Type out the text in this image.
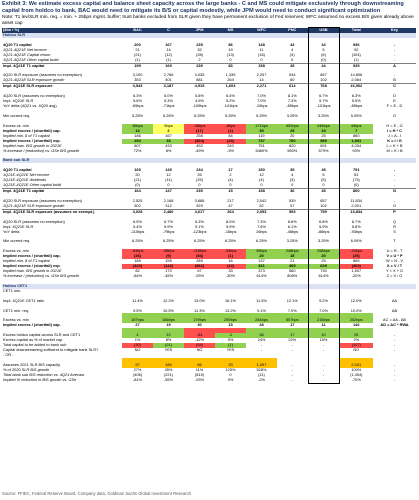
Exhibit 3: We estimate excess capital and balance sheet capacity across the large banks - C and MS could mitigate exclusively through downstreaming capital from holdco to bank, BAC would need to mitigate its B/S or capital modestly, while JPM would need to conduct significant optimization
Note: T1 lev/SLR min. req. = min. + 25bps mgmt. buffer; trust banks excluded from SLR given they have permanent exclusion of Fed reserves; WFC assumed no excess B/S given already above asset cap
($bn / %)	BAC	C	JPM	MS	WFC	PNC	USB	Total	Key
Holdco SLR									

4Q20 T1 capital	200	167	235	86	148	43	44	936	-
1Q21-4Q21E Net income	21	14	32	19	11	4	5	92	-
1Q21-4Q21E Capital return	(21)	(12)	(28)	(13)	(16)	(4)	(6)	(104)	-
1Q21-4Q21E Other capital build	(1)	(1)	2	0	0	0	(0)	(1)	-
Impl. 4Q21E T1 capital	199	169	239	83	158	45	44	935	A

4Q20 SLR exposure (assumes no exemption)	3,190	2,786	4,035	1,339	2,257	534	667	14,806	-
1Q21-4Q21E SLR exposure growth	353	401	881	264	14	60	102	2,064	B
Impl. 4Q21E SLR exposure	3,543	3,187	4,915	1,603	2,271	614	768	16,902	C

4Q20 SLR (assumes no exemption)	6.3%	6.0%	5.8%	6.4%	7.0%	8.1%	6.7%	6.3%	D
Impl. 4Q21E SLR	5.6%	5.3%	4.9%	5.2%	7.0%	7.3%	5.7%	5.5%	E
YoY delta (4Q21 vs. 4Q20 avg)	-69bps	-71bps	-109bps	-141bps	-10bps	-85bps	-101bps	-85bps	F = E - D

Min current req.	5.25%	5.25%	5.25%	5.25%	5.25%	3.25%	3.25%	5.09%	G

Excess vs. min	36bps	5bps	-36bps	-8bps	171bps	402bps	248bps	44bps	H = E - G
Implied excess / (shortfall) cap.	13	2	(17)	(1)	39	25	19	7	I = H * C
Implied min. $ of T1 capital	186	167	258	84	119	20	25	860	J = A - I
Implied excess / (shortfall) exp.	254	33	(324)	(24)	737	760	589	1,941	K = I / G
Implied max. B/S growth in 2021E	607	433	452	240	751	820	691	4,034	L = K + B
% increase / (reduction) vs. GSe B/S growth	72%	8%	-49%	-9%	5469%	950%	579%	93%	M = K / B

Bank sub SLR									

4Q20 T1 capital	165	145	234	17	150	35	45	791	-
1Q21E-4Q21E Net income	20	12	26	2	12	4	5	81	-
1Q21E-4Q21E dividends	(21)	(11)	(25)	(4)	(4)	(3)	(5)	(73)	-
1Q21E-4Q21E Other capital build	(0)	0	0	0	0	0	0	(0)	-
Impl. 4Q21E T1 capital	164	147	235	15	158	36	45	800	N

4Q20 SLR exposure (assumes no exemption)	2,525	2,168	3,688	217	2,042	539	657	11,834	-
1Q21-4Q21E SLR exposure growth	502	312	929	47	52	57	102	2,001	O
Impl. 4Q21E SLR exposure (assumes no exempt.)	3,028	2,480	4,617	264	2,093	593	759	13,834	P

4Q20 SLR (assumes no exemption)	6.5%	6.7%	6.3%	8.0%	7.3%	6.6%	6.8%	6.7%	Q
Impl. 4Q21E SLR	5.4%	5.9%	5.1%	5.9%	7.6%	6.1%	5.9%	5.8%	R
YoY delta	-110bps	-79bps	-123bps	-16bps	26bps	-48bps	-86bps	-93bps	S

Min current req.	6.25%	6.25%	6.25%	6.25%	6.25%	3.25%	3.25%	6.09%	T

Excess vs. min	-84bps	-35bps	-116bps	-33bps	95bps	248bps	258bps	-24bps	U = R - T
Implied excess / (shortfall) cap.	(26)	(9)	(54)	(1)	20	15	20	(25)	V = U * P
Implied min. $ of T1 capital	189	155	289	16	137	21	25	865	W = N - V
Implied excess / (shortfall) exp.	(420)	(142)	(862)	(14)	321	465	628	(404)	X = V / T
Implied max. B/S growth in 2021E	82	170	67	33	373	580	730	1,597	Y = X + O
% increase / (reduction) vs. GSe B/S growth	-84%	-45%	-93%	-30%	614%	808%	614%	-20%	Z = X / O

Holdco CET1									
CET1 min.									

Impl. 4Q21E CET1 ratio	11.4%	12.2%	13.0%	16.1%	11.5%	12.1%	9.2%	12.0%	AA

CET1 min. req.	9.5%	10.5%	11.3%	13.2%	9.1%	7.0%	7.0%	10.0%	AB

Excess vs. min	187bps	166bps	179bps	290bps	244bps	507bps	216bps	202bps	AC = AA - AB
Implied excess / (shortfall) cap.	27	19	30	15	28	17	11	146	AD = AC * RWA

Excess holdco capital across SLR and CET1	4	12	-54	-1	36	17	10	25	-
Excess capital as % of market cap	1%	8%	-12%	0%	24%	22%	15%	2%	-
Total capital to be added to bank sub	(30)	(21)	(54)	(1)	-	-	-	(107)	-
Capital downstreaming sufficient to mitigate bank SLR?	NO	YES	NO	YES	-	-	-	NO	-
- OR -									

Assumes 2021 SLR B/S capacity	97	180	66	33	1,097	-	-	2,041	-
% of 2020 SLR B/S growth	27%	45%	11%	125%	528%	-	-	100%	-
Total bank sub B/S reduction vs. 4Q21 forecast	(406)	(221)	(815)	0	(11)	-	-	(1,454)	-
Implied % reduction in B/S growth vs. GSe	-81%	-55%	-93%	0%	-2%	-	-	-70%	-
Source: FFIEC, Federal Reserve Board, Company data, Goldman Sachs Global Investment Research
